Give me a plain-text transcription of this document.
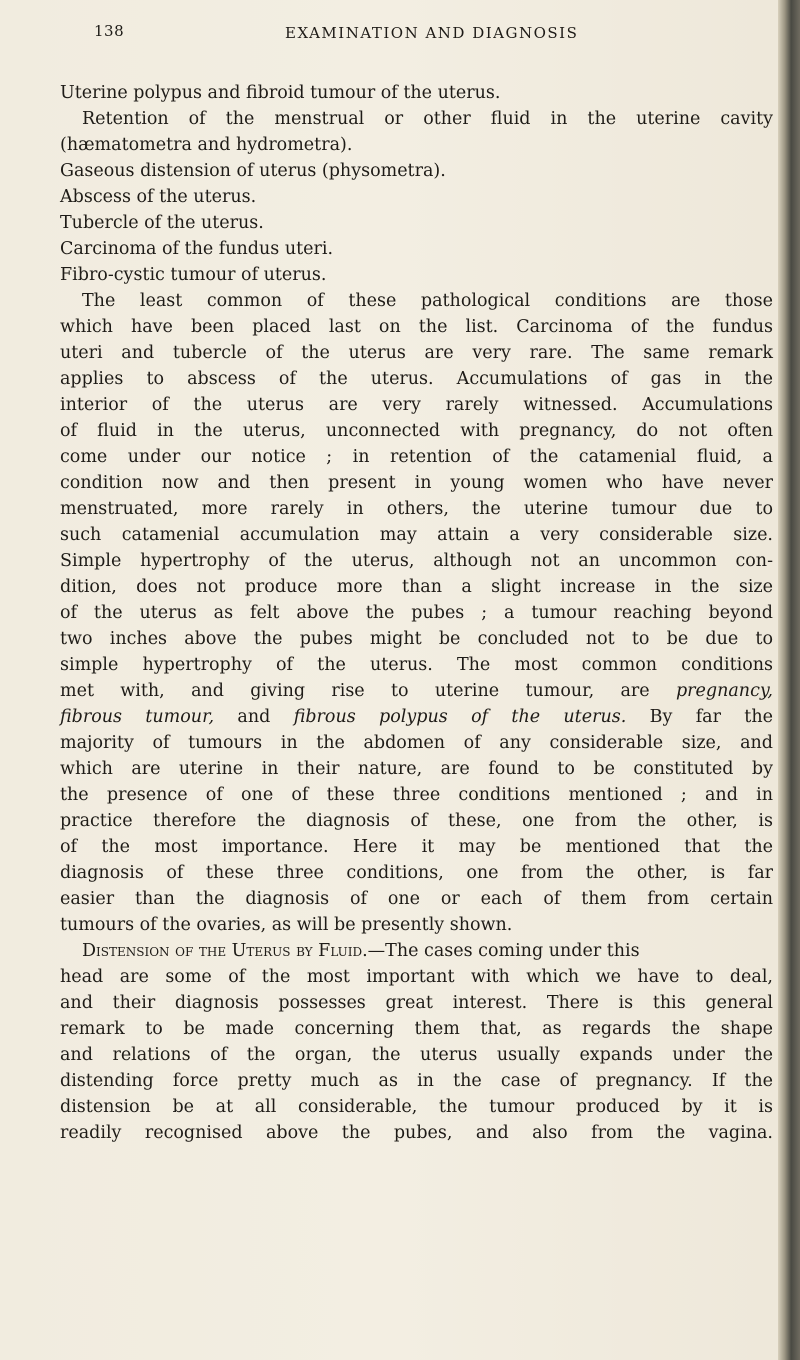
138	EXAMINATION AND DIAGNOSIS
Uterine polypus and fibroid tumour of the uterus.
Retention of the menstrual or other fluid in the uterine cavity
(hæmatometra and hydrometra).
Gaseous distension of uterus (physometra).
Abscess of the uterus.
Tubercle of the uterus.
Carcinoma of the fundus uteri.
Fibro-cystic tumour of uterus.
The least common of these pathological conditions are those
which have been placed last on the list. Carcinoma of the fundus
uteri and tubercle of the uterus are very rare. The same remark
applies to abscess of the uterus. Accumulations of gas in the
interior of the uterus are very rarely witnessed. Accumulations
of fluid in the uterus, unconnected with pregnancy, do not often
come under our notice ; in retention of the catamenial fluid, a
condition now and then present in young women who have never
menstruated, more rarely in others, the uterine tumour due to
such catamenial accumulation may attain a very considerable size.
Simple hypertrophy of the uterus, although not an uncommon con-
dition, does not produce more than a slight increase in the size
of the uterus as felt above the pubes ; a tumour reaching beyond
two inches above the pubes might be concluded not to be due to
simple hypertrophy of the uterus. The most common conditions
met with, and giving rise to uterine tumour, are pregnancy,
fibrous tumour, and fibrous polypus of the uterus. By far the
majority of tumours in the abdomen of any considerable size, and
which are uterine in their nature, are found to be constituted by
the presence of one of these three conditions mentioned ; and in
practice therefore the diagnosis of these, one from the other, is
of the most importance. Here it may be mentioned that the
diagnosis of these three conditions, one from the other, is far
easier than the diagnosis of one or each of them from certain
tumours of the ovaries, as will be presently shown.
Distension of the Uterus by Fluid.—The cases coming under this
head are some of the most important with which we have to deal,
and their diagnosis possesses great interest. There is this general
remark to be made concerning them that, as regards the shape
and relations of the organ, the uterus usually expands under the
distending force pretty much as in the case of pregnancy. If the
distension be at all considerable, the tumour produced by it is
readily recognised above the pubes, and also from the vagina.
